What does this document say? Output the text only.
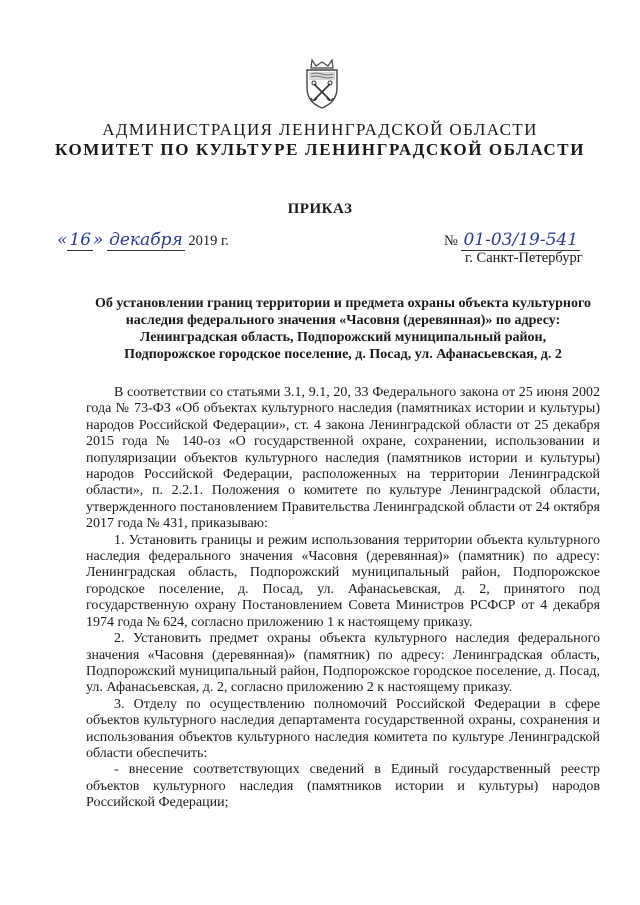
АДМИНИСТРАЦИЯ ЛЕНИНГРАДСКОЙ ОБЛАСТИ
КОМИТЕТ ПО КУЛЬТУРЕ ЛЕНИНГРАДСКОЙ ОБЛАСТИ
ПРИКАЗ
« 16 » декабря 2019 г.	№ 01-03/19-541
г. Санкт-Петербург
Об установлении границ территории и предмета охраны объекта культурного
наследия федерального значения «Часовня (деревянная)» по адресу:
Ленинградская область, Подпорожский муниципальный район,
Подпорожское городское поселение, д. Посад, ул. Афанасьевская, д. 2

В соответствии со статьями 3.1, 9.1, 20, 33 Федерального закона от 25 июня 2002 года № 73-ФЗ «Об объектах культурного наследия (памятниках истории и культуры) народов Российской Федерации», ст. 4 закона Ленинградской области от 25 декабря 2015 года № 140-оз «О государственной охране, сохранении, использовании и популяризации объектов культурного наследия (памятников истории и культуры) народов Российской Федерации, расположенных на территории Ленинградской области», п. 2.2.1. Положения о комитете по культуре Ленинградской области, утвержденного постановлением Правительства Ленинградской области от 24 октября 2017 года № 431, приказываю:

1. Установить границы и режим использования территории объекта культурного наследия федерального значения «Часовня (деревянная)» (памятник) по адресу: Ленинградская область, Подпорожский муниципальный район, Подпорожское городское поселение, д. Посад, ул. Афанасьевская, д. 2, принятого под государственную охрану Постановлением Совета Министров РСФСР от 4 декабря 1974 года № 624, согласно приложению 1 к настоящему приказу.

2. Установить предмет охраны объекта культурного наследия федерального значения «Часовня (деревянная)» (памятник) по адресу: Ленинградская область, Подпорожский муниципальный район, Подпорожское городское поселение, д. Посад, ул. Афанасьевская, д. 2, согласно приложению 2 к настоящему приказу.

3. Отделу по осуществлению полномочий Российской Федерации в сфере объектов культурного наследия департамента государственной охраны, сохранения и использования объектов культурного наследия комитета по культуре Ленинградской области обеспечить:

- внесение соответствующих сведений в Единый государственный реестр объектов культурного наследия (памятников истории и культуры) народов Российской Федерации;
